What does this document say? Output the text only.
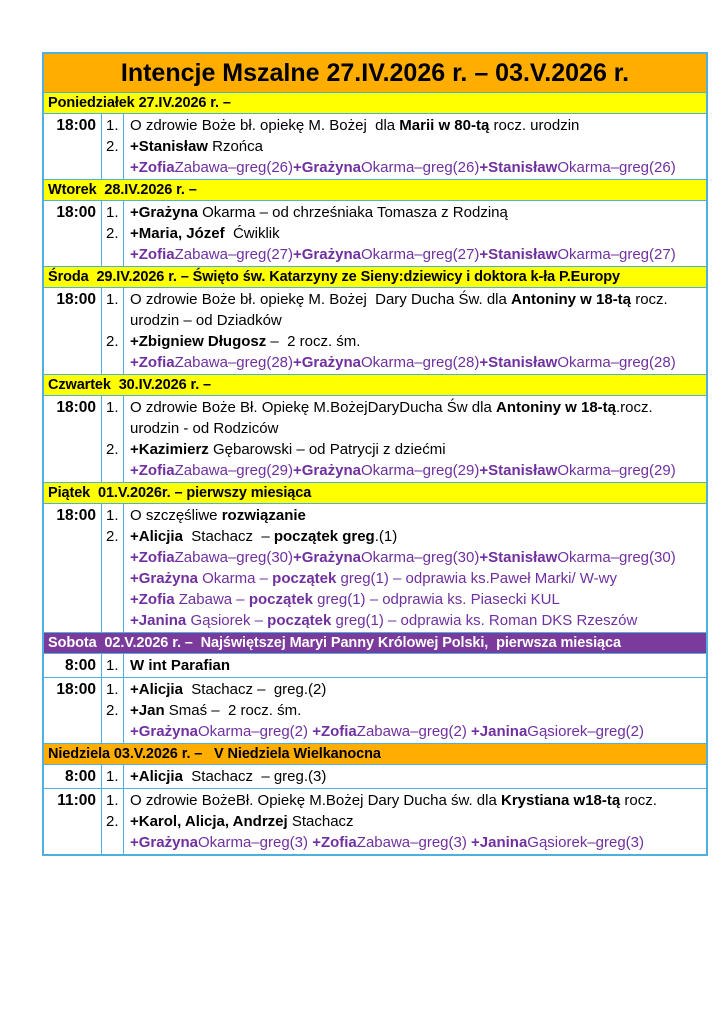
Intencje Mszalne 27.IV.2026 r. – 03.V.2026 r.
Poniedziałek 27.IV.2026 r. –
18:00 1. O zdrowie Boże bł. opiekę M. Bożej  dla Marii w 80-tą rocz. urodzin
2. +Stanisław Rzońca
+ZofiaZabawa–greg(26)+GrażynaOkarma–greg(26)+StanisławOkarma–greg(26)
Wtorek  28.IV.2026 r. –
18:00 1. +Grażyna Okarma – od chrześniaka Tomasza z Rodziną
2. +Maria, Józef  Ćwiklik
+ZofiaZabawa–greg(27)+GrażynaOkarma–greg(27)+StanisławOkarma–greg(27)
Środa  29.IV.2026 r. – Święto św. Katarzyny ze Sieny:dziewicy i doktora k-ła P.Europy
18:00 1. O zdrowie Boże bł. opiekę M. Bożej  Dary Ducha Św. dla Antoniny w 18-tą rocz.
urodzin – od Dziadków
2. +Zbigniew Długosz –  2 rocz. śm.
+ZofiaZabawa–greg(28)+GrażynaOkarma–greg(28)+StanisławOkarma–greg(28)
Czwartek  30.IV.2026 r. –
18:00 1. O zdrowie Boże Bł. Opiekę M.BożejDaryDucha Św dla Antoniny w 18-tą.rocz.
urodzin - od Rodziców
2. +Kazimierz Gębarowski – od Patrycji z dziećmi
+ZofiaZabawa–greg(29)+GrażynaOkarma–greg(29)+StanisławOkarma–greg(29)
Piątek  01.V.2026r. – pierwszy miesiąca
18:00 1. O szczęśliwe rozwiązanie
2. +Alicjia  Stachacz  – początek greg.(1)
+ZofiaZabawa–greg(30)+GrażynaOkarma–greg(30)+StanisławOkarma–greg(30)
+Grażyna Okarma – początek greg(1) – odprawia ks.Paweł Marki/ W-wy
+Zofia Zabawa – początek greg(1) – odprawia ks. Piasecki KUL
+Janina Gąsiorek – początek greg(1) – odprawia ks. Roman DKS Rzeszów
Sobota  02.V.2026 r. –  Najświętszej Maryi Panny Królowej Polski,  pierwsza miesiąca
8:00 1. W int Parafian
18:00 1. +Alicjia  Stachacz –  greg.(2)
2. +Jan Smaś –  2 rocz. śm.
+GrażynaOkarma–greg(2) +ZofiaZabawa–greg(2) +JaninaGąsiorek–greg(2)
Niedziela 03.V.2026 r. –   V Niedziela Wielkanocna
8:00 1. +Alicjia  Stachacz  – greg.(3)
11:00 1. O zdrowie BożeBł. Opiekę M.Bożej Dary Ducha św. dla Krystiana w18-tą rocz.
2. +Karol, Alicja, Andrzej Stachacz
+GrażynaOkarma–greg(3) +ZofiaZabawa–greg(3) +JaninaGąsiorek–greg(3)
